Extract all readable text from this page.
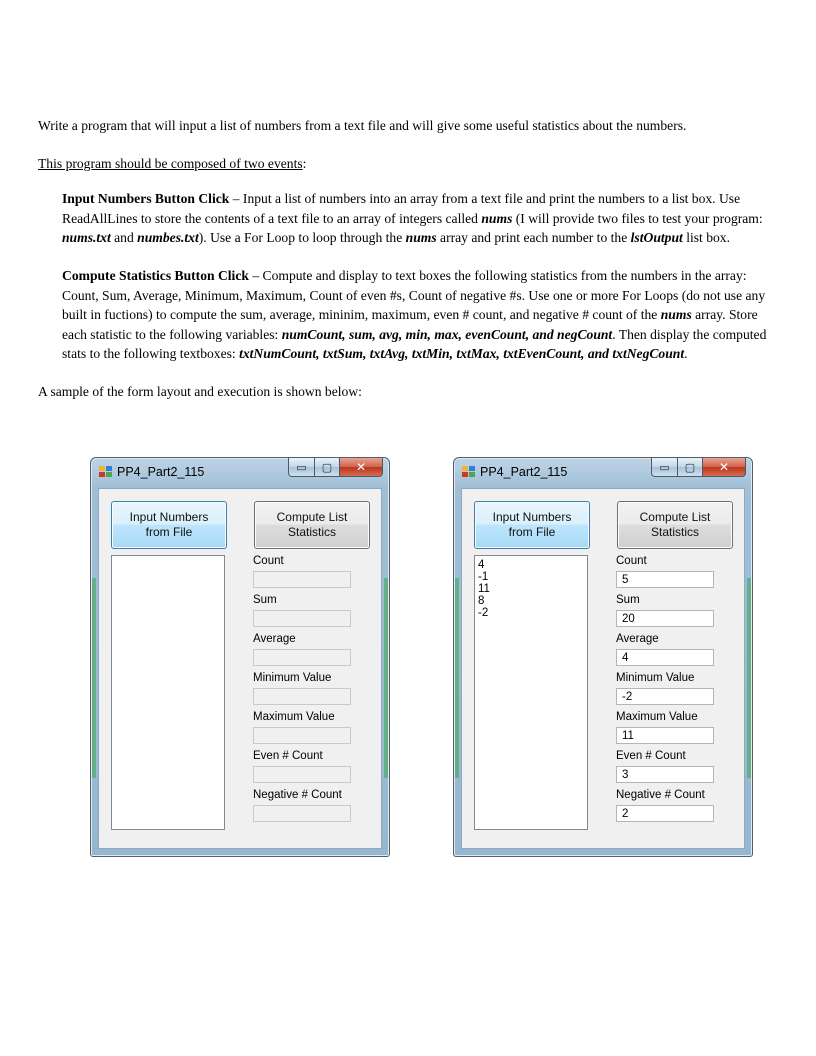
Write a program that will input a list of numbers from a text file and will give some useful statistics about the numbers.

This program should be composed of two events:

Input Numbers Button Click – Input a list of numbers into an array from a text file and print the numbers to a list box. Use ReadAllLines to store the contents of a text file to an array of integers called nums (I will provide two files to test your program: nums.txt and numbes.txt). Use a For Loop to loop through the nums array and print each number to the lstOutput list box.

Compute Statistics Button Click – Compute and display to text boxes the following statistics from the numbers in the array: Count, Sum, Average, Minimum, Maximum, Count of even #s, Count of negative #s. Use one or more For Loops (do not use any built in fuctions) to compute the sum, average, mininim, maximum, even # count, and negative # count of the nums array. Store each statistic to the following variables: numCount, sum, avg, min, max, evenCount, and negCount. Then display the computed stats to the following textboxes: txtNumCount, txtSum, txtAvg, txtMin, txtMax, txtEvenCount, and txtNegCount.

A sample of the form layout and execution is shown below:

PP4_Part2_115	▭	▢	✕
Input Numbers
from File
Compute List
Statistics
Count
Sum
Average
Minimum Value
Maximum Value
Even # Count
Negative # Count
PP4_Part2_115	▭	▢	✕
Input Numbers
from File
Compute List
Statistics
4
-1
11
8
-2
Count
5
Sum
20
Average
4
Minimum Value
-2
Maximum Value
11
Even # Count
3
Negative # Count
2
